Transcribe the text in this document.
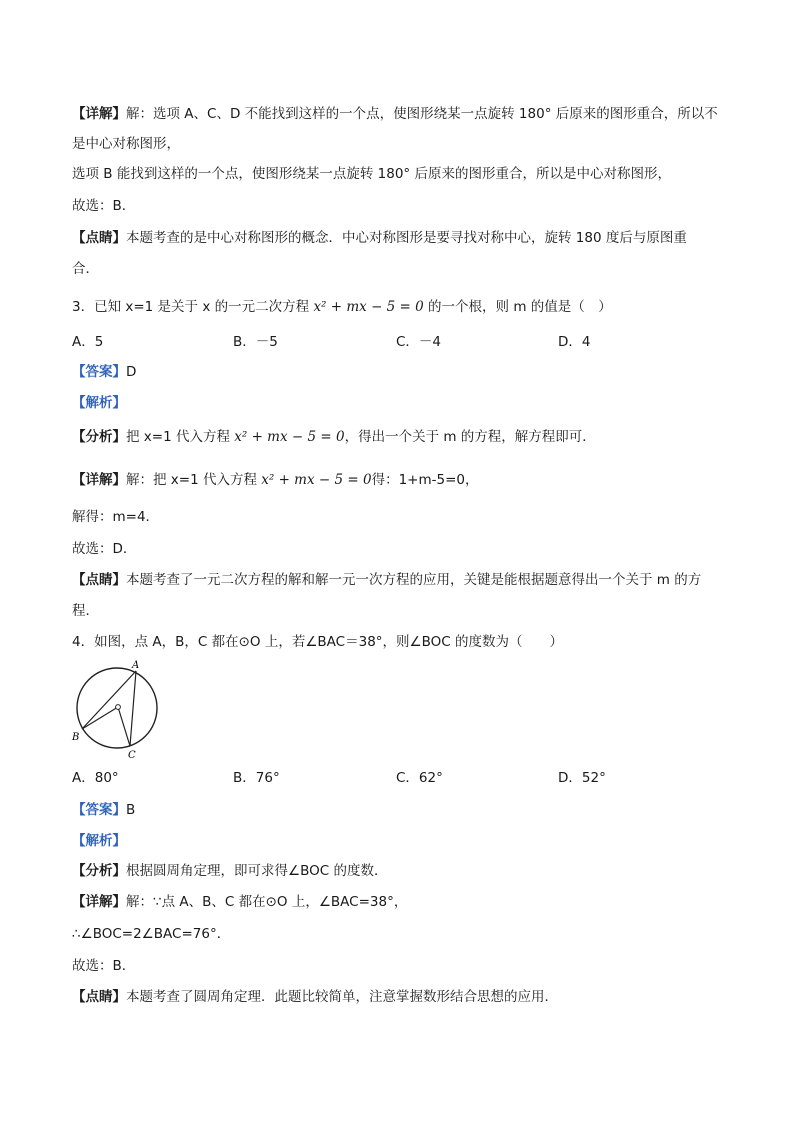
【详解】解：选项 A、C、D 不能找到这样的一个点，使图形绕某一点旋转 180° 后原来的图形重合，所以不
是中心对称图形，
选项 B 能找到这样的一个点，使图形绕某一点旋转 180° 后原来的图形重合，所以是中心对称图形，
故选：B．
【点睛】本题考查的是中心对称图形的概念．中心对称图形是要寻找对称中心，旋转 180 度后与原图重
合．
3．已知 x=1 是关于 x 的一元二次方程 x² + mx − 5 = 0 的一个根，则 m 的值是（　）
A．5	B．－5	C．－4	D．4
【答案】D
【解析】
【分析】把 x=1 代入方程 x² + mx − 5 = 0，得出一个关于 m 的方程，解方程即可．
【详解】解：把 x=1 代入方程 x² + mx − 5 = 0得：1+m-5=0，
解得：m=4．
故选：D．
【点睛】本题考查了一元二次方程的解和解一元一次方程的应用，关键是能根据题意得出一个关于 m 的方
程．
4．如图，点 A，B，C 都在⊙O 上，若∠BAC＝38°，则∠BOC 的度数为（　　）
A
B
C
A．80°	B．76°	C．62°	D．52°
【答案】B
【解析】
【分析】根据圆周角定理，即可求得∠BOC 的度数．
【详解】解：∵点 A、B、C 都在⊙O 上，∠BAC=38°，
∴∠BOC=2∠BAC=76°．
故选：B．
【点睛】本题考查了圆周角定理．此题比较简单，注意掌握数形结合思想的应用．
